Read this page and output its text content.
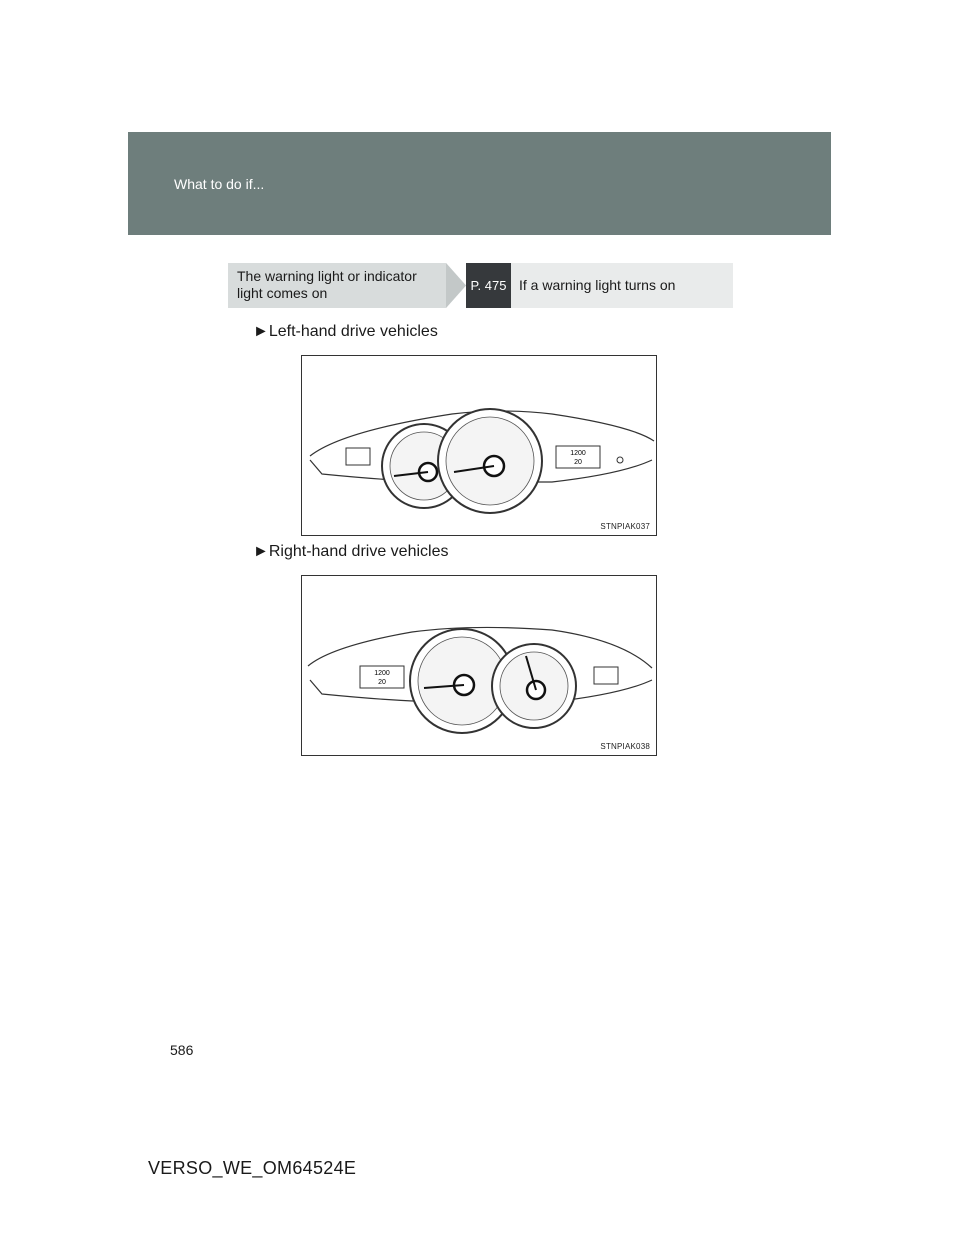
What to do if...
The warning light or indicator light comes on	P. 475 If a warning light turns on
►Left-hand drive vehicles
1200
20
STNPIAK037
►Right-hand drive vehicles
1200
20
STNPIAK038
586
VERSO_WE_OM64524E
